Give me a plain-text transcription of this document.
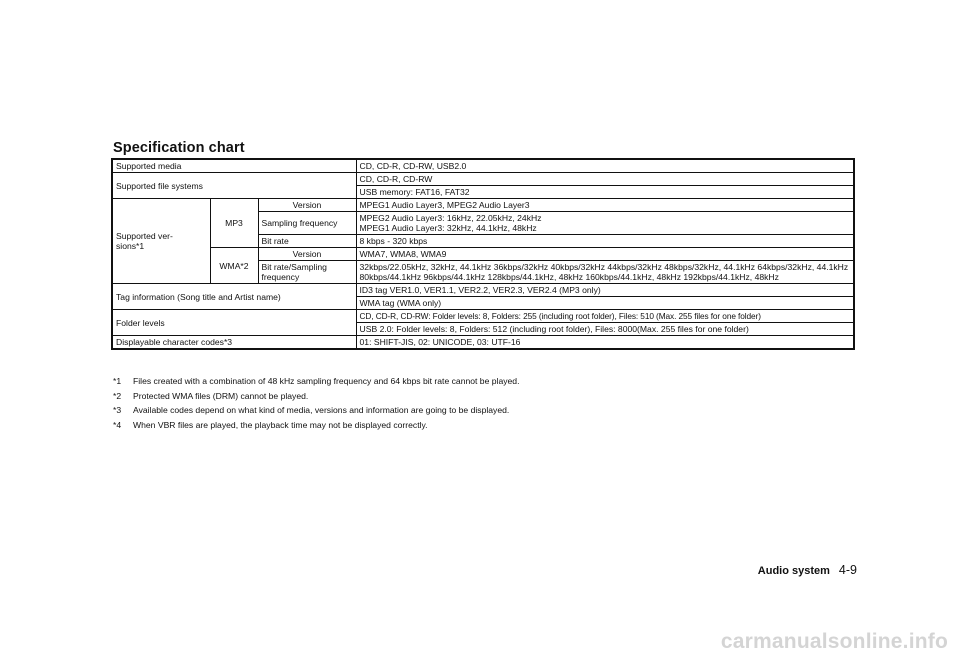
Specification chart
Supported media			CD, CD-R, CD-RW, USB2.0
Supported file systems			CD, CD-R, CD-RW
			USB memory: FAT16, FAT32
Supported ver-
sions*1	MP3	Version	MPEG1 Audio Layer3, MPEG2 Audio Layer3
		Sampling frequency	MPEG2 Audio Layer3: 16kHz, 22.05kHz, 24kHz
MPEG1 Audio Layer3: 32kHz, 44.1kHz, 48kHz
		Bit rate	8 kbps - 320 kbps
	WMA*2	Version	WMA7, WMA8, WMA9
		Bit rate/Sampling
frequency	32kbps/22.05kHz, 32kHz, 44.1kHz 36kbps/32kHz 40kbps/32kHz 44kbps/32kHz 48kbps/32kHz, 44.1kHz 64kbps/32kHz, 44.1kHz 80kbps/44.1kHz 96kbps/44.1kHz 128kbps/44.1kHz, 48kHz 160kbps/44.1kHz, 48kHz 192kbps/44.1kHz, 48kHz
Tag information (Song title and Artist name)			ID3 tag VER1.0, VER1.1, VER2.2, VER2.3, VER2.4 (MP3 only)
			WMA tag (WMA only)
Folder levels			CD, CD-R, CD-RW: Folder levels: 8, Folders: 255 (including root folder), Files: 510 (Max. 255 files for one folder)
			USB 2.0: Folder levels: 8, Folders: 512 (including root folder), Files: 8000(Max. 255 files for one folder)
Displayable character codes*3			01: SHIFT-JIS, 02: UNICODE, 03: UTF-16
*1	Files created with a combination of 48 kHz sampling frequency and 64 kbps bit rate cannot be played.
*2	Protected WMA files (DRM) cannot be played.
*3	Available codes depend on what kind of media, versions and information are going to be displayed.
*4	When VBR files are played, the playback time may not be displayed correctly.
Audio system 4-9
carmanualsonline.info
